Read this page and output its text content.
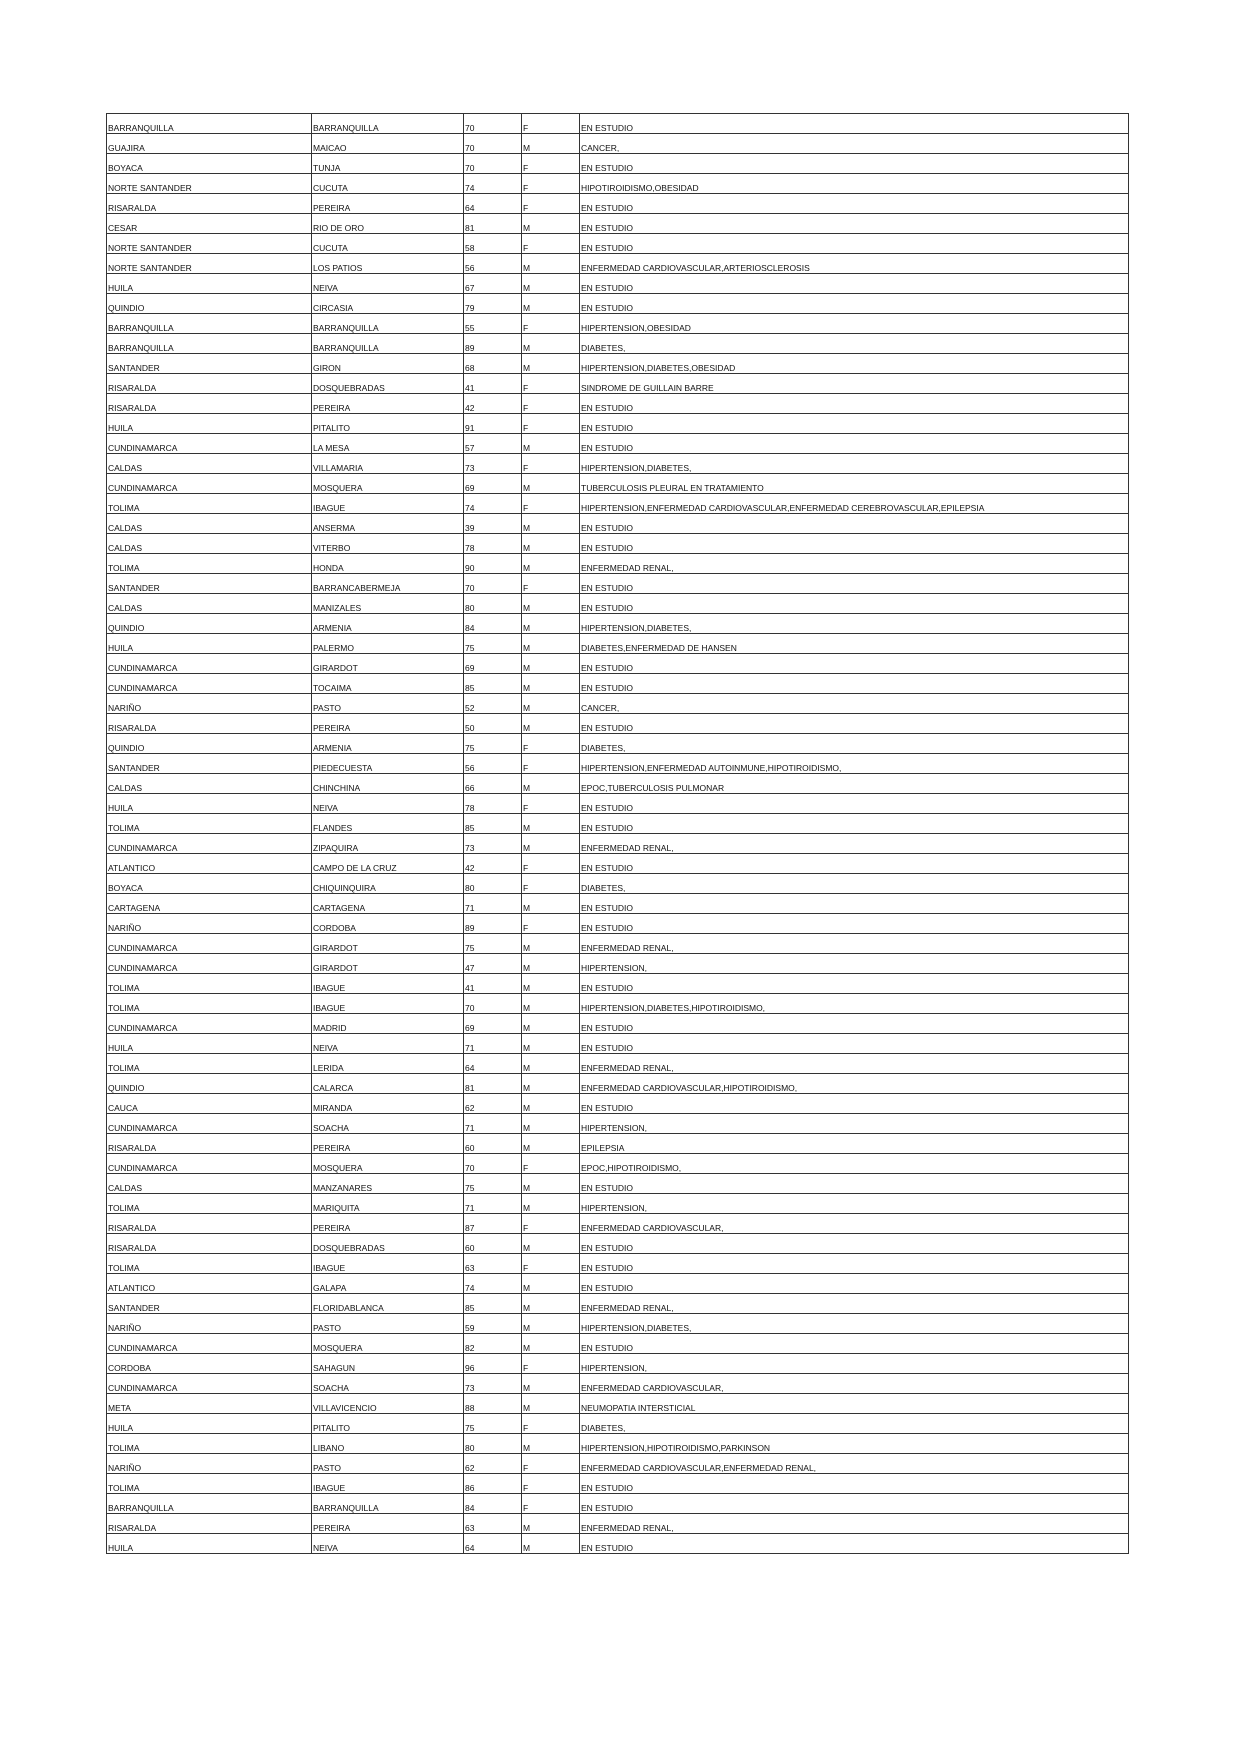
BARRANQUILLA	BARRANQUILLA	70	F	EN ESTUDIO
GUAJIRA	MAICAO	70	M	CANCER,
BOYACA	TUNJA	70	F	EN ESTUDIO
NORTE SANTANDER	CUCUTA	74	F	HIPOTIROIDISMO,OBESIDAD
RISARALDA	PEREIRA	64	F	EN ESTUDIO
CESAR	RIO DE ORO	81	M	EN ESTUDIO
NORTE SANTANDER	CUCUTA	58	F	EN ESTUDIO
NORTE SANTANDER	LOS PATIOS	56	M	ENFERMEDAD CARDIOVASCULAR,ARTERIOSCLEROSIS
HUILA	NEIVA	67	M	EN ESTUDIO
QUINDIO	CIRCASIA	79	M	EN ESTUDIO
BARRANQUILLA	BARRANQUILLA	55	F	HIPERTENSION,OBESIDAD
BARRANQUILLA	BARRANQUILLA	89	M	DIABETES,
SANTANDER	GIRON	68	M	HIPERTENSION,DIABETES,OBESIDAD
RISARALDA	DOSQUEBRADAS	41	F	SINDROME DE GUILLAIN BARRE
RISARALDA	PEREIRA	42	F	EN ESTUDIO
HUILA	PITALITO	91	F	EN ESTUDIO
CUNDINAMARCA	LA MESA	57	M	EN ESTUDIO
CALDAS	VILLAMARIA	73	F	HIPERTENSION,DIABETES,
CUNDINAMARCA	MOSQUERA	69	M	TUBERCULOSIS PLEURAL EN TRATAMIENTO
TOLIMA	IBAGUE	74	F	HIPERTENSION,ENFERMEDAD CARDIOVASCULAR,ENFERMEDAD CEREBROVASCULAR,EPILEPSIA
CALDAS	ANSERMA	39	M	EN ESTUDIO
CALDAS	VITERBO	78	M	EN ESTUDIO
TOLIMA	HONDA	90	M	ENFERMEDAD RENAL,
SANTANDER	BARRANCABERMEJA	70	F	EN ESTUDIO
CALDAS	MANIZALES	80	M	EN ESTUDIO
QUINDIO	ARMENIA	84	M	HIPERTENSION,DIABETES,
HUILA	PALERMO	75	M	DIABETES,ENFERMEDAD DE HANSEN
CUNDINAMARCA	GIRARDOT	69	M	EN ESTUDIO
CUNDINAMARCA	TOCAIMA	85	M	EN ESTUDIO
NARIÑO	PASTO	52	M	CANCER,
RISARALDA	PEREIRA	50	M	EN ESTUDIO
QUINDIO	ARMENIA	75	F	DIABETES,
SANTANDER	PIEDECUESTA	56	F	HIPERTENSION,ENFERMEDAD AUTOINMUNE,HIPOTIROIDISMO,
CALDAS	CHINCHINA	66	M	EPOC,TUBERCULOSIS PULMONAR
HUILA	NEIVA	78	F	EN ESTUDIO
TOLIMA	FLANDES	85	M	EN ESTUDIO
CUNDINAMARCA	ZIPAQUIRA	73	M	ENFERMEDAD RENAL,
ATLANTICO	CAMPO DE LA CRUZ	42	F	EN ESTUDIO
BOYACA	CHIQUINQUIRA	80	F	DIABETES,
CARTAGENA	CARTAGENA	71	M	EN ESTUDIO
NARIÑO	CORDOBA	89	F	EN ESTUDIO
CUNDINAMARCA	GIRARDOT	75	M	ENFERMEDAD RENAL,
CUNDINAMARCA	GIRARDOT	47	M	HIPERTENSION,
TOLIMA	IBAGUE	41	M	EN ESTUDIO
TOLIMA	IBAGUE	70	M	HIPERTENSION,DIABETES,HIPOTIROIDISMO,
CUNDINAMARCA	MADRID	69	M	EN ESTUDIO
HUILA	NEIVA	71	M	EN ESTUDIO
TOLIMA	LERIDA	64	M	ENFERMEDAD RENAL,
QUINDIO	CALARCA	81	M	ENFERMEDAD CARDIOVASCULAR,HIPOTIROIDISMO,
CAUCA	MIRANDA	62	M	EN ESTUDIO
CUNDINAMARCA	SOACHA	71	M	HIPERTENSION,
RISARALDA	PEREIRA	60	M	EPILEPSIA
CUNDINAMARCA	MOSQUERA	70	F	EPOC,HIPOTIROIDISMO,
CALDAS	MANZANARES	75	M	EN ESTUDIO
TOLIMA	MARIQUITA	71	M	HIPERTENSION,
RISARALDA	PEREIRA	87	F	ENFERMEDAD CARDIOVASCULAR,
RISARALDA	DOSQUEBRADAS	60	M	EN ESTUDIO
TOLIMA	IBAGUE	63	F	EN ESTUDIO
ATLANTICO	GALAPA	74	M	EN ESTUDIO
SANTANDER	FLORIDABLANCA	85	M	ENFERMEDAD RENAL,
NARIÑO	PASTO	59	M	HIPERTENSION,DIABETES,
CUNDINAMARCA	MOSQUERA	82	M	EN ESTUDIO
CORDOBA	SAHAGUN	96	F	HIPERTENSION,
CUNDINAMARCA	SOACHA	73	M	ENFERMEDAD CARDIOVASCULAR,
META	VILLAVICENCIO	88	M	NEUMOPATIA INTERSTICIAL
HUILA	PITALITO	75	F	DIABETES,
TOLIMA	LIBANO	80	M	HIPERTENSION,HIPOTIROIDISMO,PARKINSON
NARIÑO	PASTO	62	F	ENFERMEDAD CARDIOVASCULAR,ENFERMEDAD RENAL,
TOLIMA	IBAGUE	86	F	EN ESTUDIO
BARRANQUILLA	BARRANQUILLA	84	F	EN ESTUDIO
RISARALDA	PEREIRA	63	M	ENFERMEDAD RENAL,
HUILA	NEIVA	64	M	EN ESTUDIO
